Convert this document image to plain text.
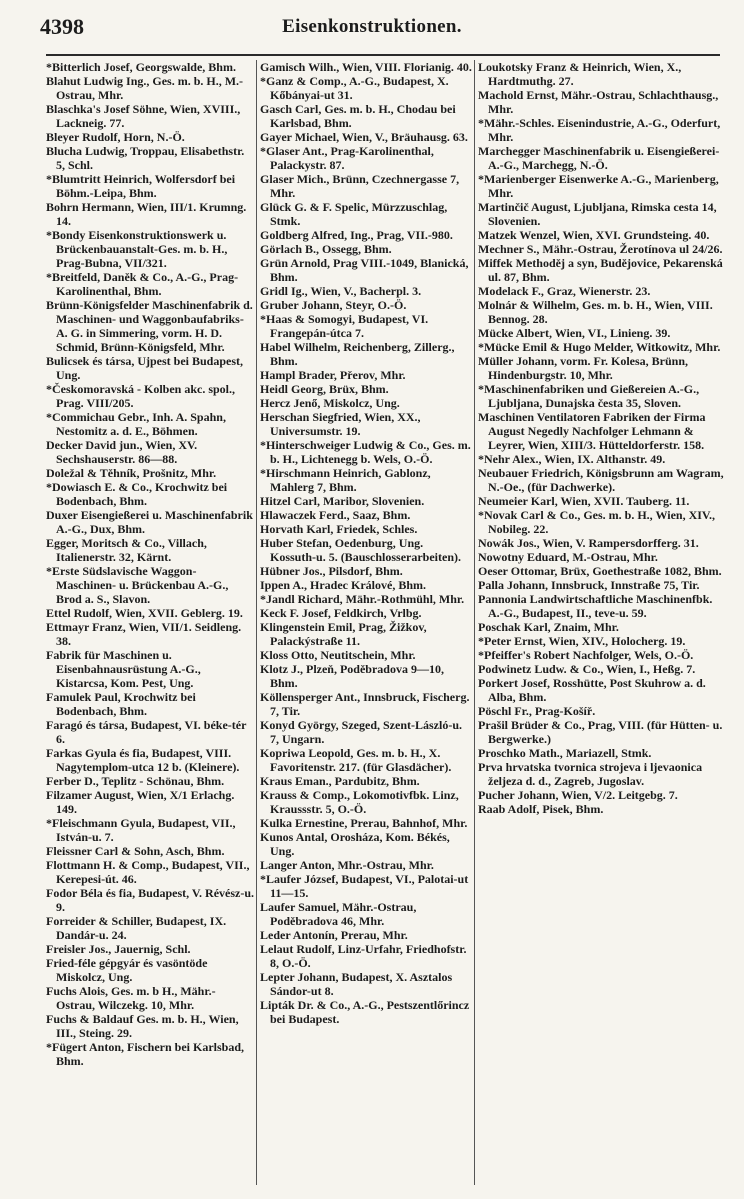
4398	Eisenkonstruktionen.

*Bitterlich Josef, Georgswalde, Bhm.

Blahut Ludwig Ing., Ges. m. b. H., M.-Ostrau, Mhr.

Blaschka's Josef Söhne, Wien, XVIII., Lackneig. 77.

Bleyer Rudolf, Horn, N.-Ö.

Blucha Ludwig, Troppau, Elisabethstr. 5, Schl.

*Blumtritt Heinrich, Wolfersdorf bei Böhm.-Leipa, Bhm.

Bohrn Hermann, Wien, III/1. Krumng. 14.

*Bondy Eisenkonstruktionswerk u. Brückenbauanstalt-Ges. m. b. H., Prag-Bubna, VII/321.

*Breitfeld, Daněk & Co., A.-G., Prag-Karolinenthal, Bhm.

Brünn-Königsfelder Maschinenfabrik d. Maschinen- und Waggonbaufabriks-A. G. in Simmering, vorm. H. D. Schmid, Brünn-Königsfeld, Mhr.

Bulicsek és társa, Ujpest bei Budapest, Ung.

*Českomoravská - Kolben akc. spol., Prag. VIII/205.

*Commichau Gebr., Inh. A. Spahn, Nestomitz a. d. E., Böhmen.

Decker David jun., Wien, XV. Sechshauserstr. 86—88.

Doležal & Těhník, Prošnitz, Mhr.

*Dowiasch E. & Co., Krochwitz bei Bodenbach, Bhm.

Duxer Eisengießerei u. Maschinenfabrik A.-G., Dux, Bhm.

Egger, Moritsch & Co., Villach, Italienerstr. 32, Kärnt.

*Erste Südslavische Waggon-Maschinen- u. Brückenbau A.-G., Brod a. S., Slavon.

Ettel Rudolf, Wien, XVII. Geblerg. 19.

Ettmayr Franz, Wien, VII/1. Seidleng. 38.

Fabrik für Maschinen u. Eisenbahnausrüstung A.-G., Kistarcsa, Kom. Pest, Ung.

Famulek Paul, Krochwitz bei Bodenbach, Bhm.

Faragó és társa, Budapest, VI. béke-tér 6.

Farkas Gyula és fia, Budapest, VIII. Nagytemplom-utca 12 b. (Kleinere).

Ferber D., Teplitz - Schönau, Bhm.

Filzamer August, Wien, X/1 Erlachg. 149.

*Fleischmann Gyula, Budapest, VII., István-u. 7.

Fleissner Carl & Sohn, Asch, Bhm.

Flottmann H. & Comp., Budapest, VII., Kerepesi-út. 46.

Fodor Béla és fia, Budapest, V. Révész-u. 9.

Forreider & Schiller, Budapest, IX. Dandár-u. 24.

Freisler Jos., Jauernig, Schl.

Fried-féle gépgyár és vasöntöde Miskolcz, Ung.

Fuchs Alois, Ges. m. b H., Mähr.-Ostrau, Wilczekg. 10, Mhr.

Fuchs & Baldauf Ges. m. b. H., Wien, III., Steing. 29.

*Fügert Anton, Fischern bei Karlsbad, Bhm.

Gamisch Wilh., Wien, VIII. Florianig. 40.

*Ganz & Comp., A.-G., Budapest, X. Kőbányai-ut 31.

Gasch Carl, Ges. m. b. H., Chodau bei Karlsbad, Bhm.

Gayer Michael, Wien, V., Bräuhausg. 63.

*Glaser Ant., Prag-Karolinenthal, Palackystr. 87.

Glaser Mich., Brünn, Czechnergasse 7, Mhr.

Glück G. & F. Spelic, Mürzzuschlag, Stmk.

Goldberg Alfred, Ing., Prag, VII.-980.

Görlach B., Ossegg, Bhm.

Grün Arnold, Prag VIII.-1049, Blanická, Bhm.

Gridl Ig., Wien, V., Bacherpl. 3.

Gruber Johann, Steyr, O.-Ö.

*Haas & Somogyi, Budapest, VI. Frangepán-útca 7.

Habel Wilhelm, Reichenberg, Zillerg., Bhm.

Hampl Brader, Přerov, Mhr.

Heidl Georg, Brüx, Bhm.

Hercz Jenő, Miskolcz, Ung.

Herschan Siegfried, Wien, XX., Universumstr. 19.

*Hinterschweiger Ludwig & Co., Ges. m. b. H., Lichtenegg b. Wels, O.-Ö.

*Hirschmann Heinrich, Gablonz, Mahlerg 7, Bhm.

Hitzel Carl, Maribor, Slovenien.

Hlawaczek Ferd., Saaz, Bhm.

Horvath Karl, Friedek, Schles.

Huber Stefan, Oedenburg, Ung. Kossuth-u. 5. (Bauschlosserarbeiten).

Hübner Jos., Pilsdorf, Bhm.

Ippen A., Hradec Králové, Bhm.

*Jandl Richard, Mähr.-Rothmühl, Mhr.

Keck F. Josef, Feldkirch, Vrlbg.

Klingenstein Emil, Prag, Žižkov, Palackýstraße 11.

Kloss Otto, Neutitschein, Mhr.

Klotz J., Plzeň, Poděbradova 9—10, Bhm.

Köllensperger Ant., Innsbruck, Fischerg. 7, Tir.

Konyd György, Szeged, Szent-László-u. 7, Ungarn.

Kopriwa Leopold, Ges. m. b. H., X. Favoritenstr. 217. (für Glasdächer).

Kraus Eman., Pardubitz, Bhm.

Krauss & Comp., Lokomotivfbk. Linz, Kraussstr. 5, O.-Ö.

Kulka Ernestine, Prerau, Bahnhof, Mhr.

Kunos Antal, Orosháza, Kom. Békés, Ung.

Langer Anton, Mhr.-Ostrau, Mhr.

*Laufer József, Budapest, VI., Palotai-ut 11—15.

Laufer Samuel, Mähr.-Ostrau, Poděbradova 46, Mhr.

Leder Antonín, Prerau, Mhr.

Lelaut Rudolf, Linz-Urfahr, Friedhofstr. 8, O.-Ö.

Lepter Johann, Budapest, X. Asztalos Sándor-ut 8.

Lipták Dr. & Co., A.-G., Pestszentlőrincz bei Budapest.

Loukotsky Franz & Heinrich, Wien, X., Hardtmuthg. 27.

Machold Ernst, Mähr.-Ostrau, Schlachthausg., Mhr.

*Mähr.-Schles. Eisenindustrie, A.-G., Oderfurt, Mhr.

Marchegger Maschinenfabrik u. Eisengießerei-A.-G., Marchegg, N.-Ö.

*Marienberger Eisenwerke A.-G., Marienberg, Mhr.

Martinčič August, Ljubljana, Rimska cesta 14, Slovenien.

Matzek Wenzel, Wien, XVI. Grundsteing. 40.

Mechner S., Mähr.-Ostrau, Žerotínova ul 24/26.

Miffek Methoděj a syn, Budějovice, Pekarenská ul. 87, Bhm.

Modelack F., Graz, Wienerstr. 23.

Molnár & Wilhelm, Ges. m. b. H., Wien, VIII. Bennog. 28.

Mücke Albert, Wien, VI., Linieng. 39.

*Mücke Emil & Hugo Melder, Witkowitz, Mhr.

Müller Johann, vorm. Fr. Kolesa, Brünn, Hindenburgstr. 10, Mhr.

*Maschinenfabriken und Gießereien A.-G., Ljubljana, Dunajska česta 35, Sloven.

Maschinen Ventilatoren Fabriken der Firma August Negedly Nachfolger Lehmann & Leyrer, Wien, XIII/3. Hütteldorferstr. 158.

*Nehr Alex., Wien, IX. Althanstr. 49.

Neubauer Friedrich, Königsbrunn am Wagram, N.-Oe., (für Dachwerke).

Neumeier Karl, Wien, XVII. Tauberg. 11.

*Novak Carl & Co., Ges. m. b. H., Wien, XIV., Nobileg. 22.

Nowák Jos., Wien, V. Rampersdorfferg. 31.

Nowotny Eduard, M.-Ostrau, Mhr.

Oeser Ottomar, Brüx, Goethestraße 1082, Bhm.

Palla Johann, Innsbruck, Innstraße 75, Tir.

Pannonia Landwirtschaftliche Maschinenfbk. A.-G., Budapest, II., teve-u. 59.

Poschak Karl, Znaim, Mhr.

*Peter Ernst, Wien, XIV., Holocherg. 19.

*Pfeiffer's Robert Nachfolger, Wels, O.-Ö.

Podwinetz Ludw. & Co., Wien, I., Heßg. 7.

Porkert Josef, Rosshütte, Post Skuhrow a. d. Alba, Bhm.

Pöschl Fr., Prag-Košíř.

Prašil Brüder & Co., Prag, VIII. (für Hütten- u. Bergwerke.)

Proschko Math., Mariazell, Stmk.

Prva hrvatska tvornica strojeva i ljevaonica željeza d. d., Zagreb, Jugoslav.

Pucher Johann, Wien, V/2. Leitgebg. 7.

Raab Adolf, Pisek, Bhm.
